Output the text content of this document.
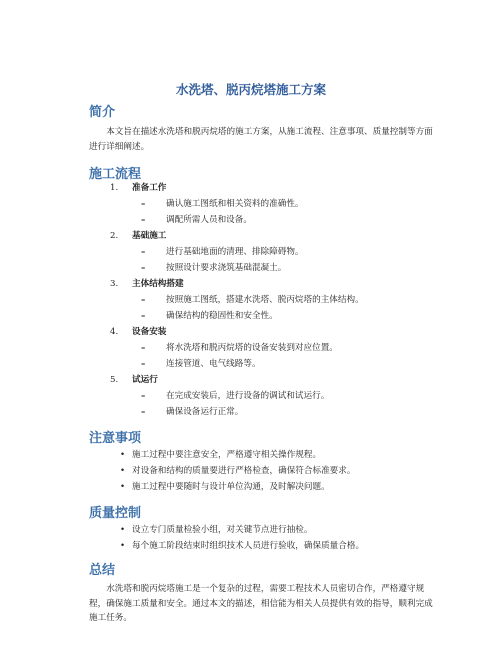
水洗塔、脱丙烷塔施工方案
简介
本文旨在描述水洗塔和脱丙烷塔的施工方案，从施工流程、注意事项、质量控制等方面进行详细阐述。
施工流程
1. 准备工作
– 确认施工图纸和相关资料的准确性。
– 调配所需人员和设备。
2. 基础施工
– 进行基础地面的清理、排除障碍物。
– 按照设计要求浇筑基础混凝土。
3. 主体结构搭建
– 按照施工图纸，搭建水洗塔、脱丙烷塔的主体结构。
– 确保结构的稳固性和安全性。
4. 设备安装
– 将水洗塔和脱丙烷塔的设备安装到对应位置。
– 连接管道、电气线路等。
5. 试运行
– 在完成安装后，进行设备的调试和试运行。
– 确保设备运行正常。
注意事项
• 施工过程中要注意安全，严格遵守相关操作规程。
• 对设备和结构的质量要进行严格检查，确保符合标准要求。
• 施工过程中要随时与设计单位沟通，及时解决问题。
质量控制
• 设立专门质量检验小组，对关键节点进行抽检。
• 每个施工阶段结束时组织技术人员进行验收，确保质量合格。
总结
水洗塔和脱丙烷塔施工是一个复杂的过程，需要工程技术人员密切合作，严格遵守规程，确保施工质量和安全。通过本文的描述，相信能为相关人员提供有效的指导，顺利完成施工任务。
